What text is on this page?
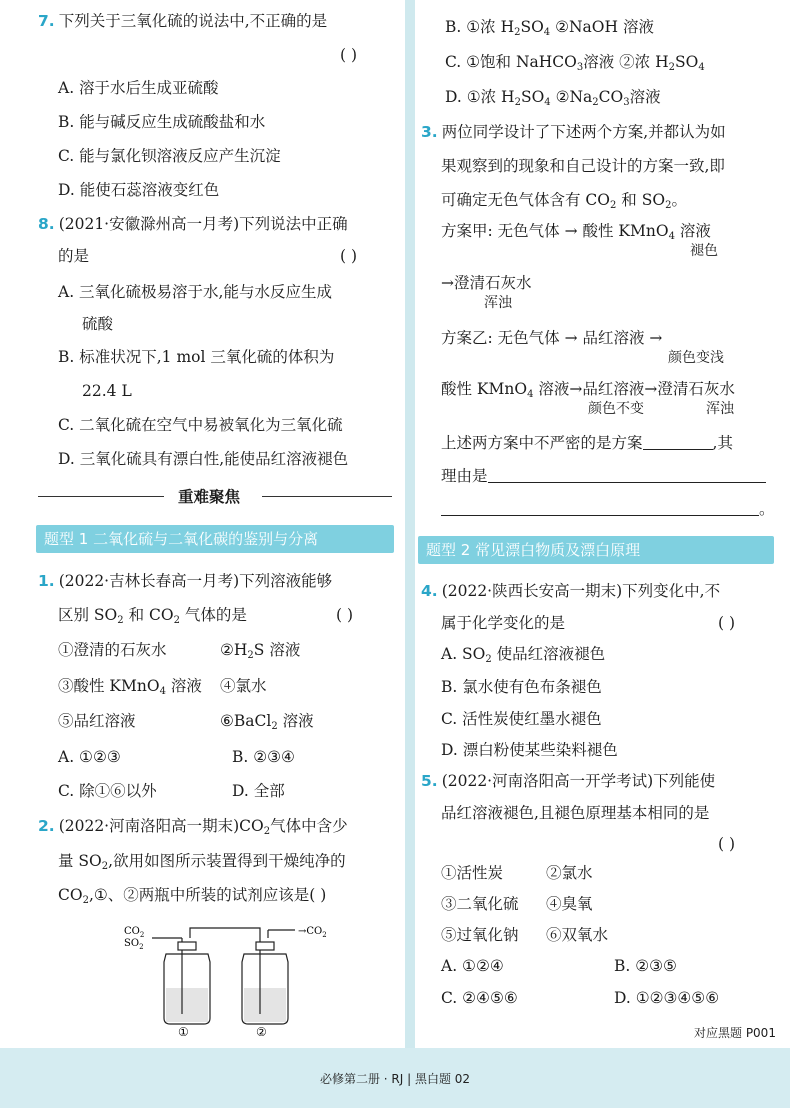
7. 下列关于三氧化硫的说法中,不正确的是
( )
A. 溶于水后生成亚硫酸
B. 能与碱反应生成硫酸盐和水
C. 能与氯化钡溶液反应产生沉淀
D. 能使石蕊溶液变红色
8. (2021·安徽滁州高一月考)下列说法中正确
的是	( )
A. 三氧化硫极易溶于水,能与水反应生成
硫酸
B. 标准状况下,1 mol 三氧化硫的体积为
22.4 L
C. 二氧化硫在空气中易被氧化为三氧化硫
D. 三氧化硫具有漂白性,能使品红溶液褪色
重难聚焦
题型 1 二氧化硫与二氧化碳的鉴别与分离
1. (2022·吉林长春高一月考)下列溶液能够
区别 $SO_2$ 和 $CO_2$ 气体的是	( )
①澄清的石灰水	$②H_2S$ 溶液
③酸性 KMnO$_4$ 溶液 ④氯水
⑤品红溶液	⑥BaCl$_2$ 溶液
A. ①②③	B. ②③④
C. 除①⑥以外	D. 全部
2. (2022·河南洛阳高一期末)$CO_2$气体中含少
量 $SO_2$,欲用如图所示装置得到干燥纯净的
$CO_2,①$、②两瓶中所装的试剂应该是( )
$CO_2$
$SO_2$
$\to CO_2$
①	②
B. ①浓 $H_2SO_4$ ②NaOH 溶液
C. ①饱和 NaHCO$_3$溶液 ②浓 $H_2SO_4$
D. ①浓 $H_2SO_4$ $②Na_2CO_3$溶液
3. 两位同学设计了下述两个方案,并都认为如
果观察到的现象和自己设计的方案一致,即
可确定无色气体含有 $CO_2$ 和 $SO_2$。
方案甲: 无色气体 → 酸性 KMnO$_4$ 溶液
褪色
→澄清石灰水
浑浊
方案乙: 无色气体 → 品红溶液 →
颜色变浅
酸性 KMnO$_4$ 溶液→品红溶液→澄清石灰水
颜色不变	浑浊
上述两方案中不严密的是方案	,其
理由是
。
题型 2 常见漂白物质及漂白原理
4. (2022·陕西长安高一期末)下列变化中,不
属于化学变化的是	( )
A. $SO_2$ 使品红溶液褪色
B. 氯水使有色布条褪色
C. 活性炭使红墨水褪色
D. 漂白粉使某些染料褪色
5. (2022·河南洛阳高一开学考试)下列能使
品红溶液褪色,且褪色原理基本相同的是
( )
①活性炭	②氯水
③二氧化硫 ④臭氧
⑤过氧化钠 ⑥双氧水
A. ①②④	B. ②③⑤
C. ②④⑤⑥	D. ①②③④⑤⑥
对应黑题 P001
必修第二册 · RJ | 黑白题 02
